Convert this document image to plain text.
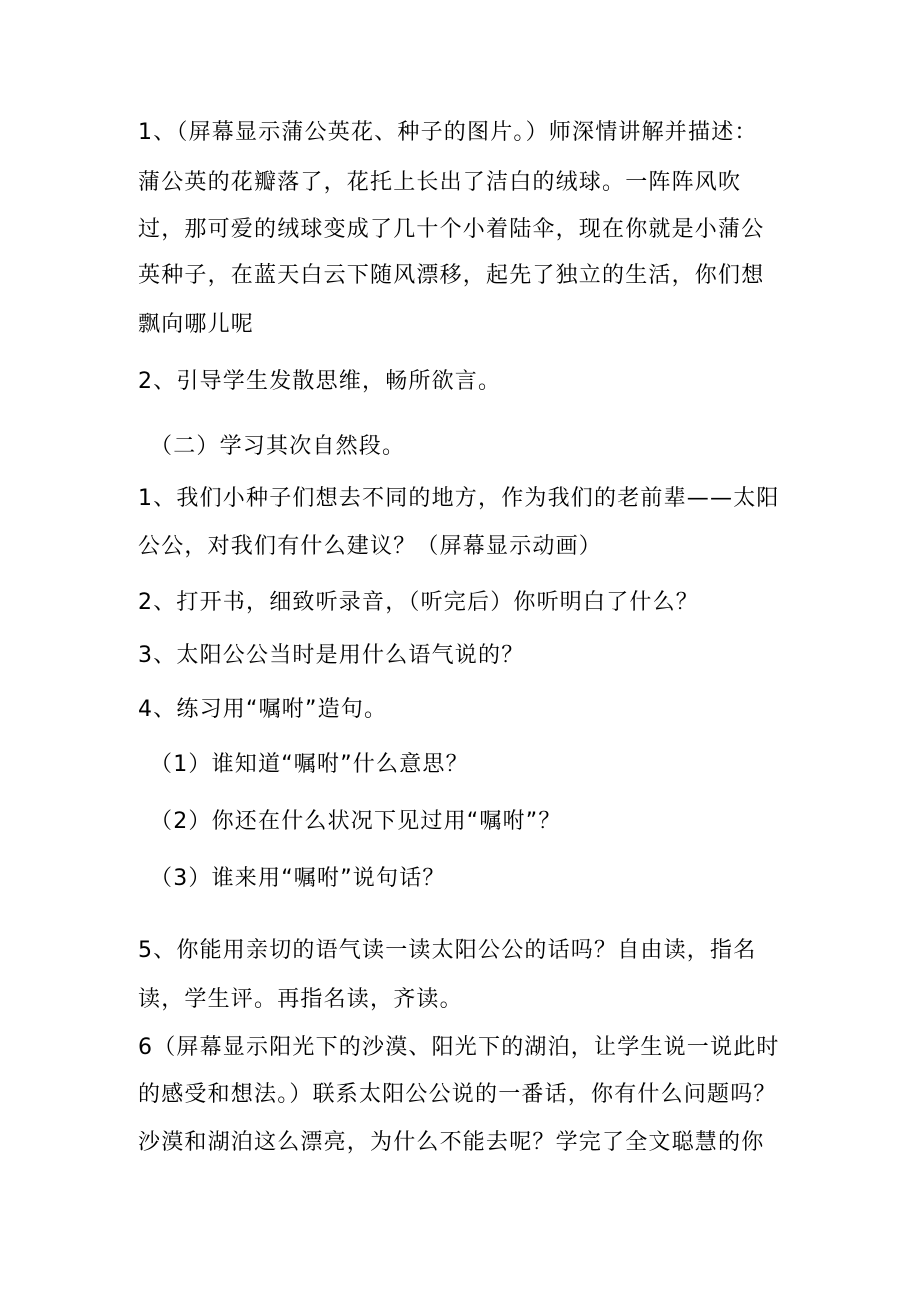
1、（屏幕显示蒲公英花、种子的图片。）师深情讲解并描述：
蒲公英的花瓣落了，花托上长出了洁白的绒球。一阵阵风吹
过，那可爱的绒球变成了几十个小着陆伞，现在你就是小蒲公
英种子，在蓝天白云下随风漂移，起先了独立的生活，你们想
飘向哪儿呢
2、引导学生发散思维，畅所欲言。
（二）学习其次自然段。
1、我们小种子们想去不同的地方，作为我们的老前辈——太阳
公公，对我们有什么建议？（屏幕显示动画）
2、打开书，细致听录音，（听完后）你听明白了什么？
3、太阳公公当时是用什么语气说的？
4、练习用“嘱咐”造句。
（1）谁知道“嘱咐”什么意思？
（2）你还在什么状况下见过用“嘱咐”？
（3）谁来用“嘱咐”说句话？
5、你能用亲切的语气读一读太阳公公的话吗？自由读，指名
读，学生评。再指名读，齐读。
6（屏幕显示阳光下的沙漠、阳光下的湖泊，让学生说一说此时
的感受和想法。）联系太阳公公说的一番话，你有什么问题吗？
沙漠和湖泊这么漂亮，为什么不能去呢？学完了全文聪慧的你
